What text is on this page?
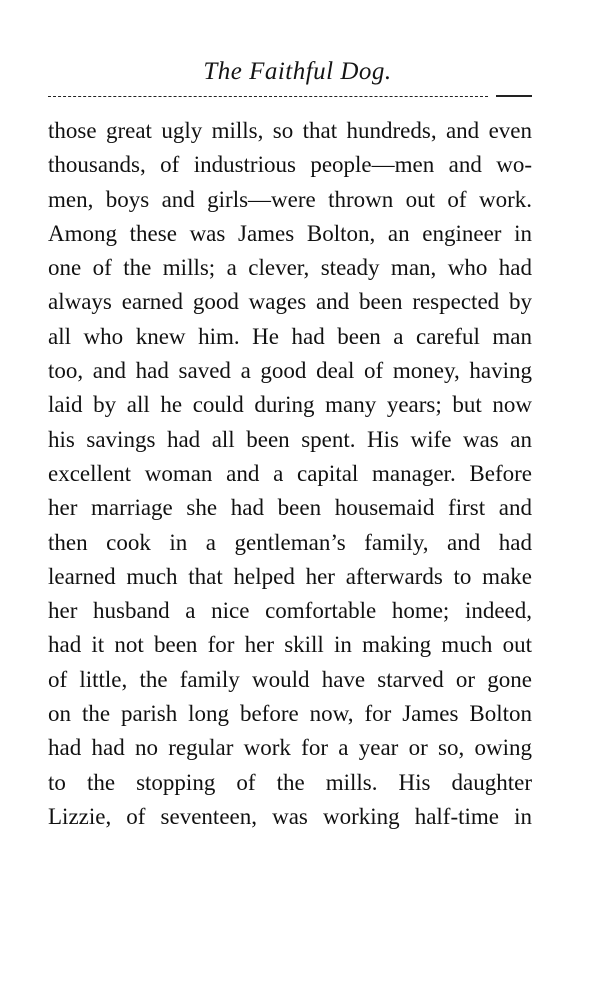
The Faithful Dog.
those great ugly mills, so that hundreds, and even
thousands, of industrious people—men and wo-
men, boys and girls—were thrown out of work.
Among these was James Bolton, an engineer in
one of the mills; a clever, steady man, who had
always earned good wages and been respected by
all who knew him. He had been a careful man
too, and had saved a good deal of money, having
laid by all he could during many years; but now
his savings had all been spent. His wife was an
excellent woman and a capital manager. Before
her marriage she had been housemaid first and
then cook in a gentleman’s family, and had
learned much that helped her afterwards to make
her husband a nice comfortable home; indeed,
had it not been for her skill in making much out
of little, the family would have starved or gone
on the parish long before now, for James Bolton
had had no regular work for a year or so, owing
to the stopping of the mills. His daughter
Lizzie, of seventeen, was working half-time in
